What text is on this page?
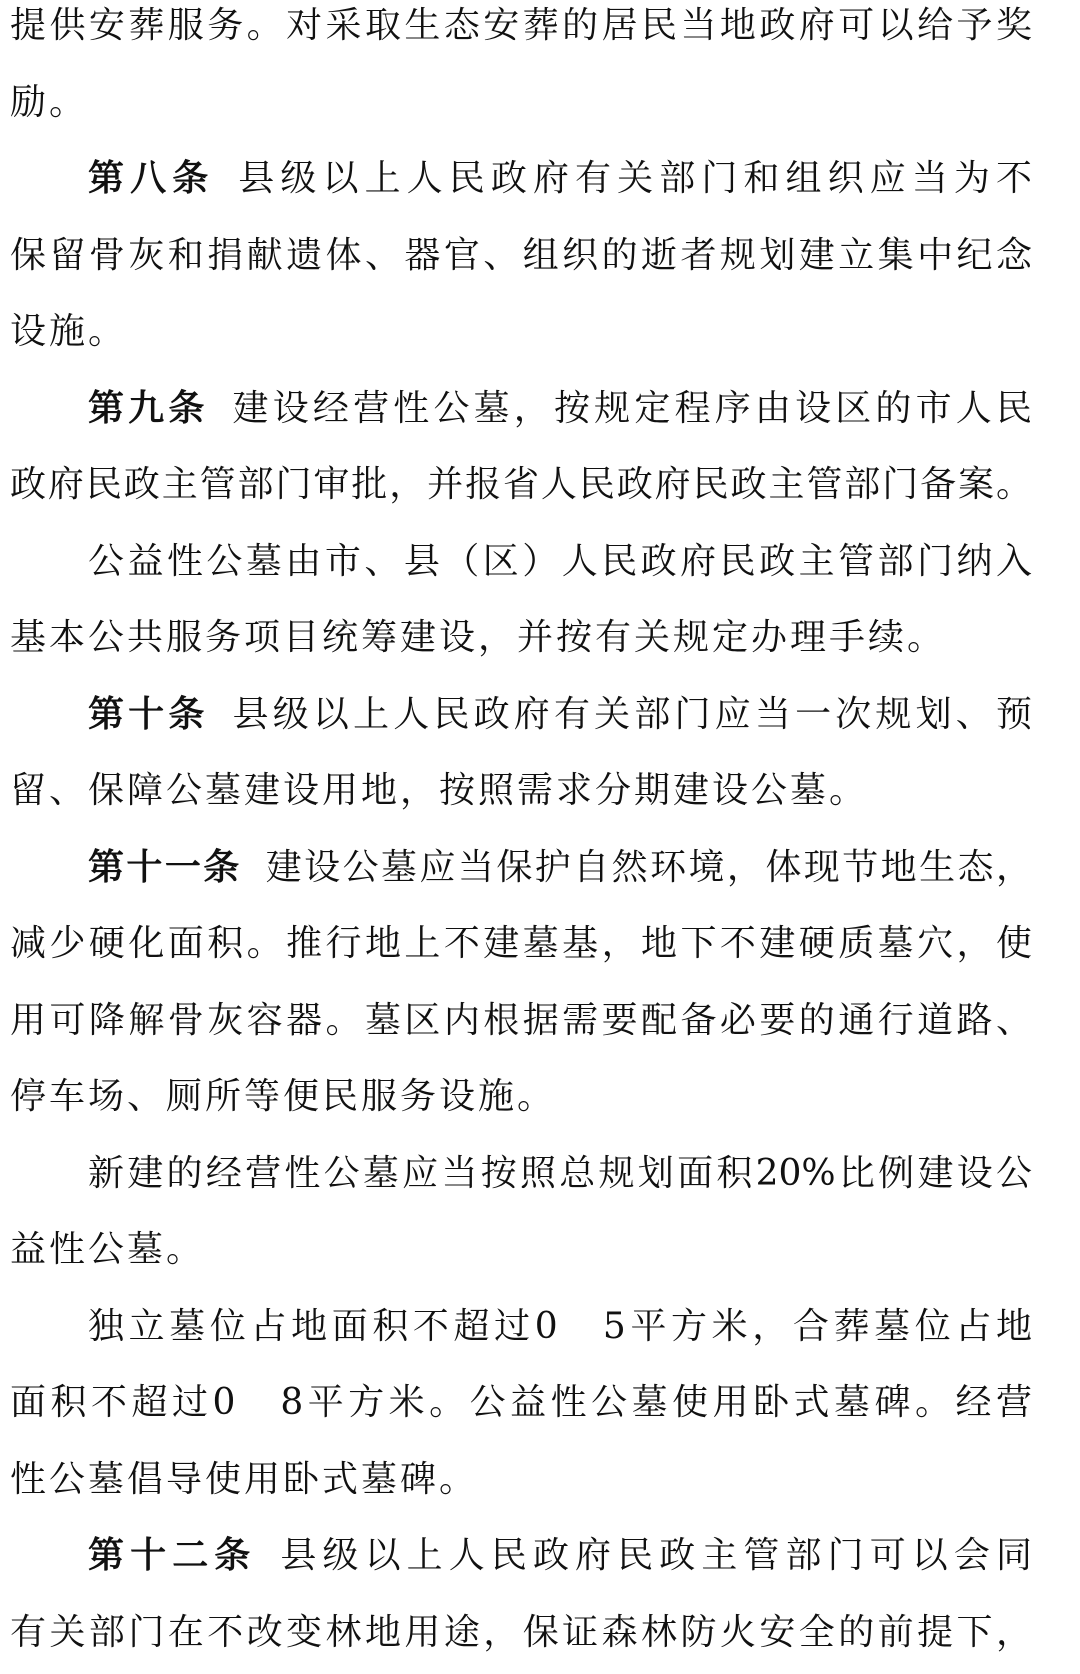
提供安葬服务。对采取生态安葬的居民当地政府可以给予奖
励。
第八条 县级以上人民政府有关部门和组织应当为不
保留骨灰和捐献遗体、器官、组织的逝者规划建立集中纪念
设施。
第九条 建设经营性公墓，按规定程序由设区的市人民
政府民政主管部门审批，并报省人民政府民政主管部门备案。
公益性公墓由市、县（区）人民政府民政主管部门纳入
基本公共服务项目统筹建设，并按有关规定办理手续。
第十条 县级以上人民政府有关部门应当一次规划、预
留、保障公墓建设用地，按照需求分期建设公墓。
第十一条 建设公墓应当保护自然环境，体现节地生态，
减少硬化面积。推行地上不建墓基，地下不建硬质墓穴，使
用可降解骨灰容器。墓区内根据需要配备必要的通行道路、
停车场、厕所等便民服务设施。
新建的经营性公墓应当按照总规划面积20%比例建设公
益性公墓。
独立墓位占地面积不超过0　5平方米，合葬墓位占地
面积不超过0　8平方米。公益性公墓使用卧式墓碑。经营
性公墓倡导使用卧式墓碑。
第十二条 县级以上人民政府民政主管部门可以会同
有关部门在不改变林地用途，保证森林防火安全的前提下，
